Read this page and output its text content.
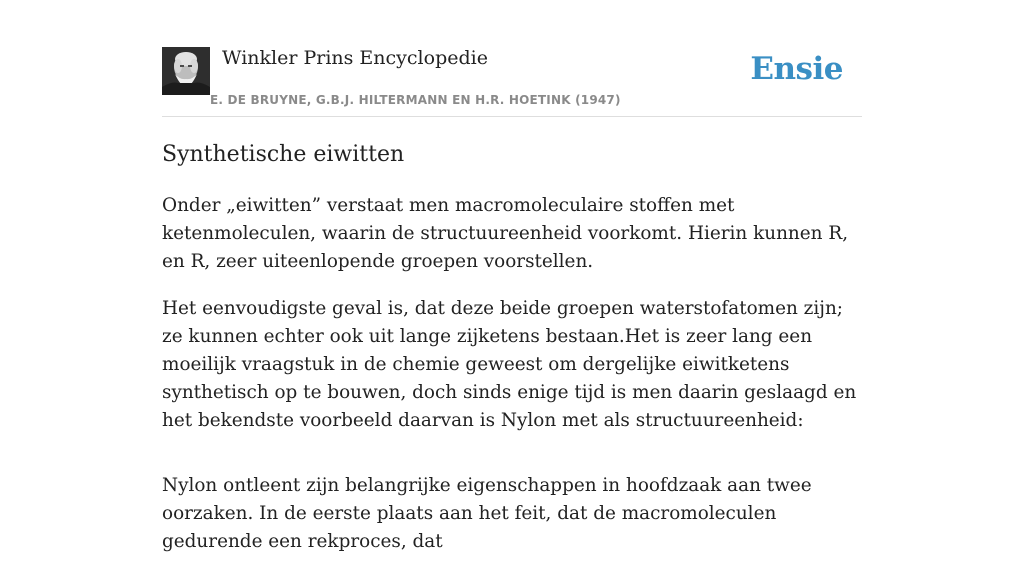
Winkler Prins Encyclopedie
E. DE BRUYNE, G.B.J. HILTERMANN EN H.R. HOETINK (1947)
Ensie
Synthetische eiwitten

Onder „eiwitten” verstaat men macromoleculaire stoffen met ketenmoleculen, waarin de structuureenheid voorkomt. Hierin kunnen R, en R, zeer uiteenlopende groepen voorstellen.

Het eenvoudigste geval is, dat deze beide groepen waterstofatomen zijn; ze kunnen echter ook uit lange zijketens bestaan.Het is zeer lang een moeilijk vraagstuk in de chemie geweest om dergelijke eiwitketens synthetisch op te bouwen, doch sinds enige tijd is men daarin geslaagd en het bekendste voorbeeld daarvan is Nylon met als structuureenheid:

Nylon ontleent zijn belangrijke eigenschappen in hoofdzaak aan twee oorzaken. In de eerste plaats aan het feit, dat de macromoleculen gedurende een rekproces, dat
